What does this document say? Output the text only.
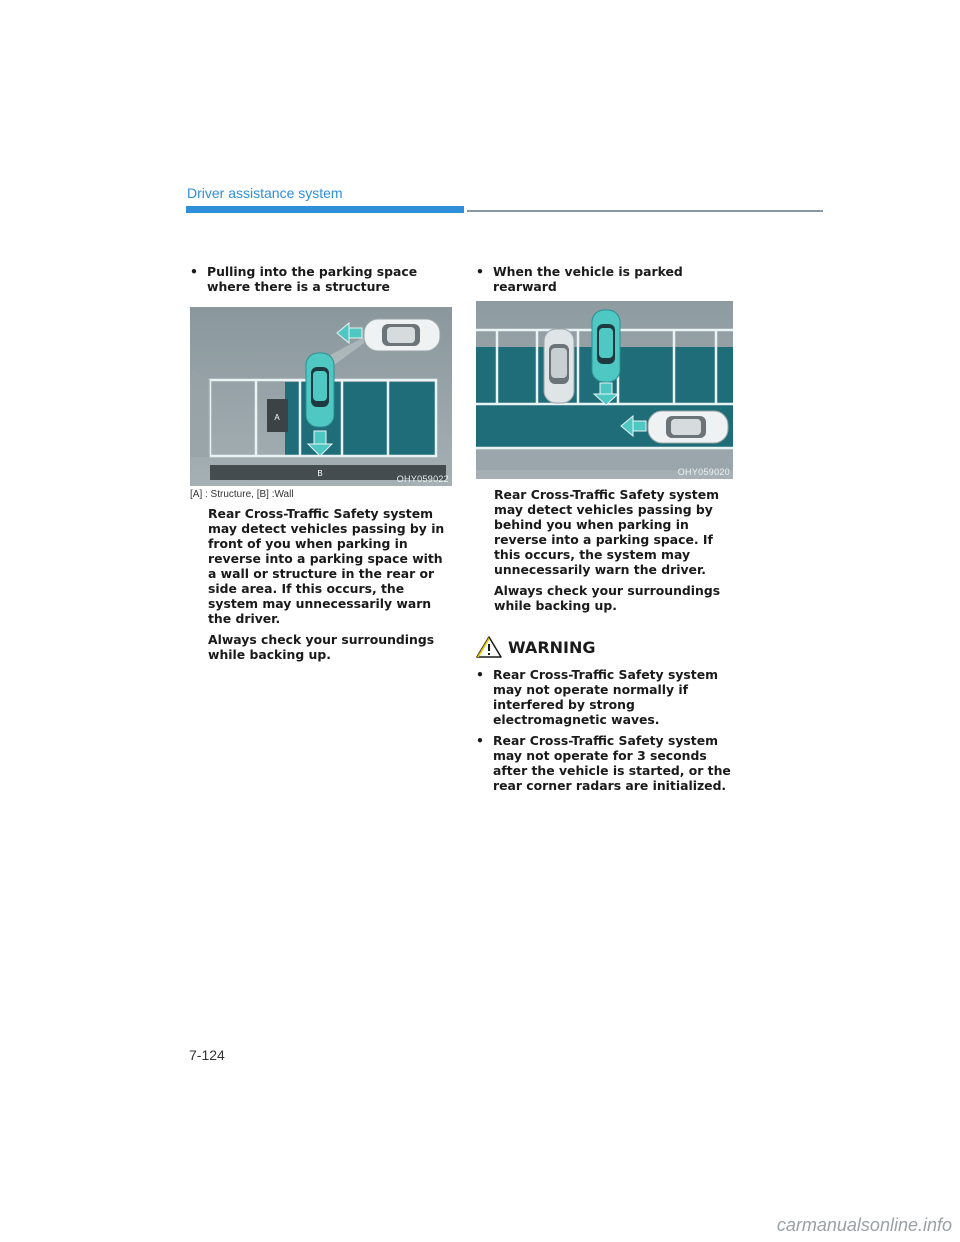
Driver assistance system

• Pulling into the parking space where there is a structure

A
B
OHY059022
[A] : Structure, [B] :Wall

Rear Cross-Traffic Safety system may detect vehicles passing by in front of you when parking in reverse into a parking space with a wall or structure in the rear or side area. If this occurs, the system may unnecessarily warn the driver.

Always check your surroundings while backing up.

• When the vehicle is parked rearward

OHY059020

Rear Cross-Traffic Safety system may detect vehicles passing by behind you when parking in reverse into a parking space. If this occurs, the system may unnecessarily warn the driver.

Always check your surroundings while backing up.

WARNING

• Rear Cross-Traffic Safety system may not operate normally if interfered by strong electromagnetic waves.

• Rear Cross-Traffic Safety system may not operate for 3 seconds after the vehicle is started, or the rear corner radars are initialized.

7-124
carmanualsonline.info
